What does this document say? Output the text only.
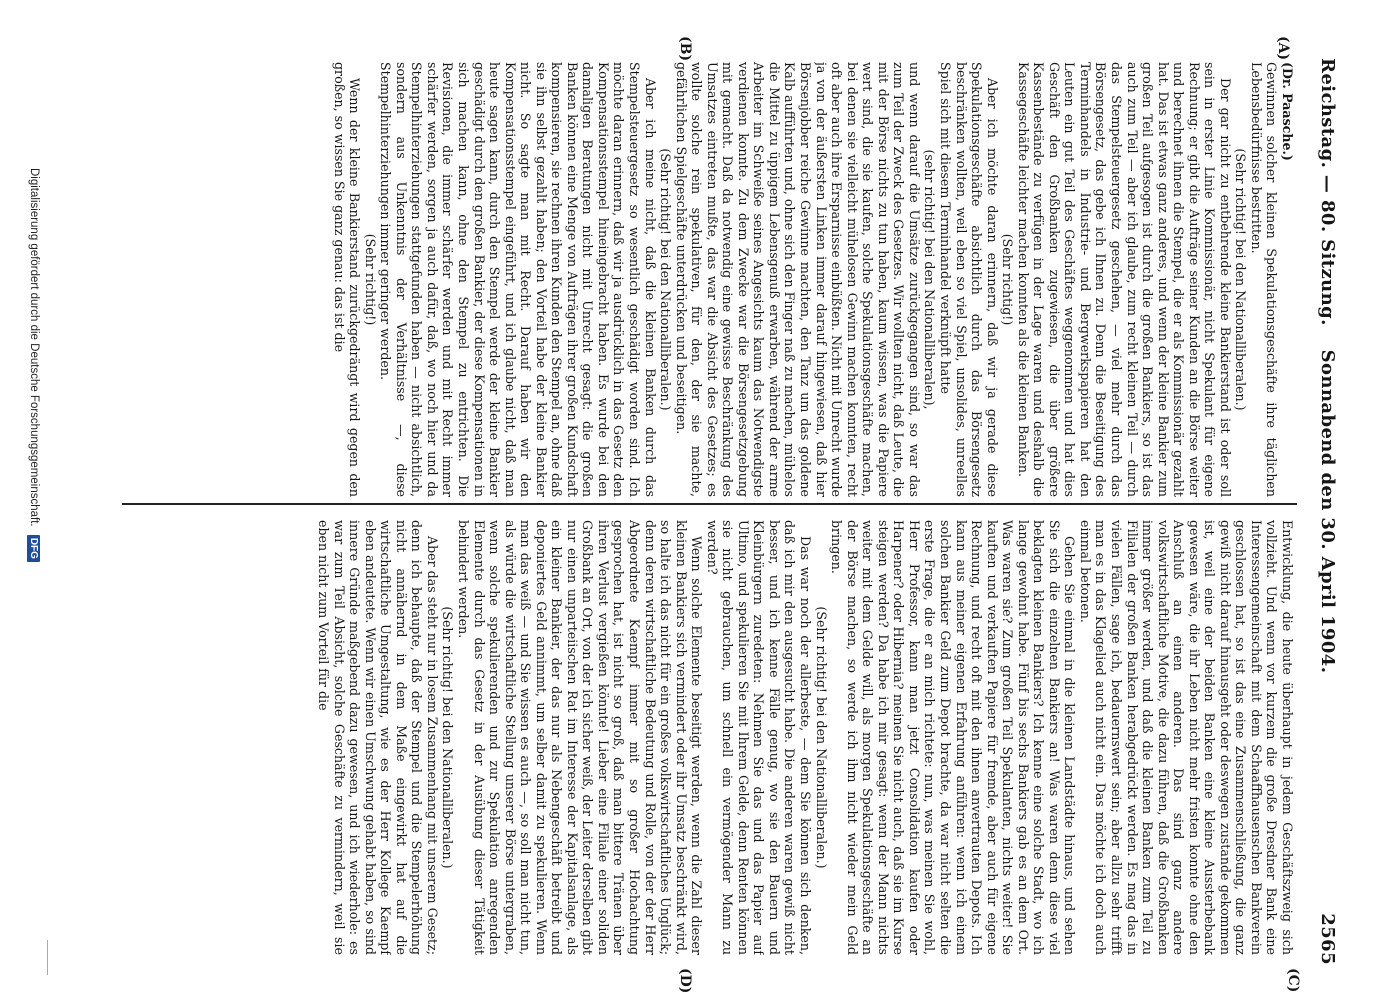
Reichstag. — 80. Sitzung.
Sonnabend den 30. April 1904.
2565
(A)
(B)
(C)
(D)

(Dr. Paasche.)

Gewinnen solcher kleinen Spekulationsgeschäfte ihre täglichen Lebensbedürfnisse bestritten.

(Sehr richtig! bei den Nationalliberalen.)

Der gar nicht zu entbehrende kleine Bankierstand ist oder soll sein in erster Linie Kommissionär, nicht Spekulant für eigene Rechnung; er gibt die Aufträge seiner Kunden an die Börse weiter und berechnet ihnen die Stempel, die er als Kommissionär gezahlt hat. Das ist etwas ganz anderes, und wenn der kleine Bankier zum großen Teil aufgesogen ist durch die großen Bankiers, so ist das auch zum Teil — aber ich glaube, zum recht kleinen Teil — durch das Stempelsteuergesetz geschehen, — viel mehr durch das Börsengesetz, das gebe ich Ihnen zu. Denn die Beseitigung des Terminhandels in Industrie- und Bergwerkspapieren hat den Leuten ein gut Teil des Geschäftes weggenommen und hat dies Geschäft den Großbanken zugewiesen, die über größere Kassenbestände zu verfügen in der Lage waren und deshalb die Kassegeschäfte leichter machen konnten als die kleinen Banken.

(Sehr richtig!)

Aber ich möchte daran erinnern, daß wir ja gerade diese Spekulationsgeschäfte absichtlich durch das Börsengesetz beschränken wollten, weil eben so viel Spiel, unsolides, unreelles Spiel sich mit diesem Terminhandel verknüpft hatte

(sehr richtig! bei den Nationalliberalen),

und wenn darauf die Umsätze zurückgegangen sind, so war das zum Teil der Zweck des Gesetzes. Wir wollten nicht, daß Leute, die mit der Börse nichts zu tun haben, kaum wissen, was die Papiere wert sind, die sie kaufen, solche Spekulationsgeschäfte machen, bei denen sie vielleicht mühelosen Gewinn machen konnten, recht oft aber auch ihre Ersparnisse einbüßten. Nicht mit Unrecht wurde ja von der äußersten Linken immer darauf hingewiesen, daß hier Börsenjobber reiche Gewinne machten, den Tanz um das goldene Kalb aufführten und, ohne sich den Finger naß zu machen, mühelos die Mittel zu üppigem Lebensgenuß erwarben, während der arme Arbeiter im Schweiße seines Angesichts kaum das Notwendigste verdienen konnte. Zu dem Zwecke war die Börsengesetzgebung mit gemacht. Daß da notwendig eine gewisse Beschränkung des Umsatzes eintreten mußte, das war die Absicht des Gesetzes; es wollte solche rein spekulativen, für den, der sie machte, gefährlichen Spielgeschäfte unterdrücken und beseitigen.

(Sehr richtig! bei den Nationalliberalen.)

Aber ich meine nicht, daß die kleinen Banken durch das Stempelsteuergesetz so wesentlich geschädigt worden sind. Ich möchte daran erinnern, daß wir ja ausdrücklich in das Gesetz den Kompensationsstempel hineingebracht haben. Es wurde bei den damaligen Beratungen nicht mit Unrecht gesagt: die großen Banken können eine Menge von Aufträgen ihrer großen Kundschaft kompensieren, sie rechnen ihren Kunden den Stempel an, ohne daß sie ihn selbst gezahlt haben; den Vorteil habe der kleine Bankier nicht. So sagte man mit Recht. Darauf haben wir den Kompensationsstempel eingeführt, und ich glaube nicht, daß man heute sagen kann, durch den Stempel werde der kleine Bankier geschädigt durch den großen Bankier, der diese Kompensationen in sich machen kann, ohne den Stempel zu entrichten. Die Revisionen, die immer schärfer werden und mit Recht immer schärfer werden, sorgen ja auch dafür, daß, wo noch hier und da Stempelhinterziehungen stattgefunden haben — nicht absichtlich, sondern aus Unkenntnis der Verhältnisse —, diese Stempelhinterziehungen immer geringer werden.

(Sehr richtig!)

Wenn der kleine Bankierstand zurückgedrängt wird gegen den großen, so wissen Sie ganz genau: das ist die

Entwicklung, die heute überhaupt in jedem Geschäftszweig sich vollzieht. Und wenn vor kurzem die große Dresdner Bank eine Interessengemeinschaft mit dem Schaaffhausenschen Bankverein geschlossen hat, so ist das eine Zusammenschließung, die ganz gewiß nicht darauf hinausgeht oder deswegen zustande gekommen ist, weil eine der beiden Banken eine kleine Aussterbebank gewesen wäre, die ihr Leben nicht mehr fristen konnte ohne den Anschluß an einen anderen. Das sind ganz andere volkswirtschaftliche Motive, die dazu führen, daß die Großbanken immer größer werden, und daß die kleinen Banken zum Teil zu Filialen der großen Banken herabgedrückt werden. Es mag das in vielen Fällen, sage ich, bedauernswert sein; aber allzu sehr trifft man es in das Klagelied auch nicht ein. Das möchte ich doch auch einmal betonen.

Gehen Sie einmal in die kleinen Landstädte hinaus, und sehen Sie sich die einzelnen Bankiers an! Was waren denn diese viel beklagten kleinen Bankiers? Ich kenne eine solche Stadt, wo ich lange gewohnt habe. Fünf bis sechs Bankiers gab es an dem Ort. Was waren sie? Zum großen Teil Spekulanten, nichts weiter! Sie kauften und verkauften Papiere für fremde, aber auch für eigene Rechnung, und recht oft mit den ihnen anvertrauten Depots. Ich kann aus meiner eigenen Erfahrung anführen: wenn ich einem solchen Bankier Geld zum Depot brachte, da war nicht selten die erste Frage, die er an mich richtete: nun, was meinen Sie wohl, Herr Professor, kann man jetzt Consolidation kaufen oder Harpener? oder Hibernia? meinen Sie nicht auch, daß sie im Kurse steigen werden? Da habe ich mir gesagt: wenn der Mann nichts weiter mit dem Gelde will, als morgen Spekulationsgeschäfte an der Börse machen, so werde ich ihm nicht wieder mein Geld bringen.

(Sehr richtig! bei den Nationalliberalen.)

Das war noch der allerbeste, — dem Sie können sich denken, daß ich mir den ausgesucht habe. Die anderen waren gewiß nicht besser, und ich kenne Fälle genug, wo sie den Bauern und Kleinbürgern zuredeten: Nehmen Sie das und das Papier auf Ultimo, und spekulieren Sie mit Ihrem Gelde, denn Renten können sie nicht gebrauchen, um schnell ein vermögender Mann zu werden?

Wenn solche Elemente beseitigt werden, wenn die Zahl dieser kleinen Bankiers sich vermindert oder ihr Umsatz beschränkt wird, so halte ich das nicht für ein großes volkswirtschaftliches Unglück; denn deren wirtschaftliche Bedeutung und Rolle, von der der Herr Abgeordnete Kaempf immer mit so großer Hochachtung gesprochen hat, ist nicht so groß, daß man bittere Tränen über ihren Verlust vergießen könnte! Lieber eine Filiale einer soliden Großbank an Ort, von der ich sicher weiß, der Leiter derselben gibt nur einen unparteiischen Rat im Interesse der Kapitalsanlage, als ein kleiner Bankier, der das nur als Nebengeschäft betreibt und deponiertes Geld annimmt, um selber damit zu spekulieren. Wenn man das weiß — und Sie wissen es auch —, so soll man nicht tun, als würde die wirtschaftliche Stellung unserer Börse untergraben, wenn solche spekulierenden und zur Spekulation anregenden Elemente durch das Gesetz in der Ausübung dieser Tätigkeit behindert werden.

(Sehr richtig! bei den Nationalliberalen.)

Aber das steht nur in losem Zusammenhang mit unserem Gesetz; denn ich behaupte, daß der Stempel und die Stempelerhöhung nicht annähernd in dem Maße eingewirkt hat auf die wirtschaftliche Umgestaltung, wie es der Herr Kollege Kaempf eben andeutete. Wenn wir einen Umschwung gehabt haben, so sind innere Gründe maßgebend dazu gewesen, und ich wiederhole: es war zum Teil Absicht, solche Geschäfte zu vermindern, weil sie eben nicht zum Vorteil für die

Digitalisierung gefördert durch die Deutsche Forschungsgemeinschaft. DFG
